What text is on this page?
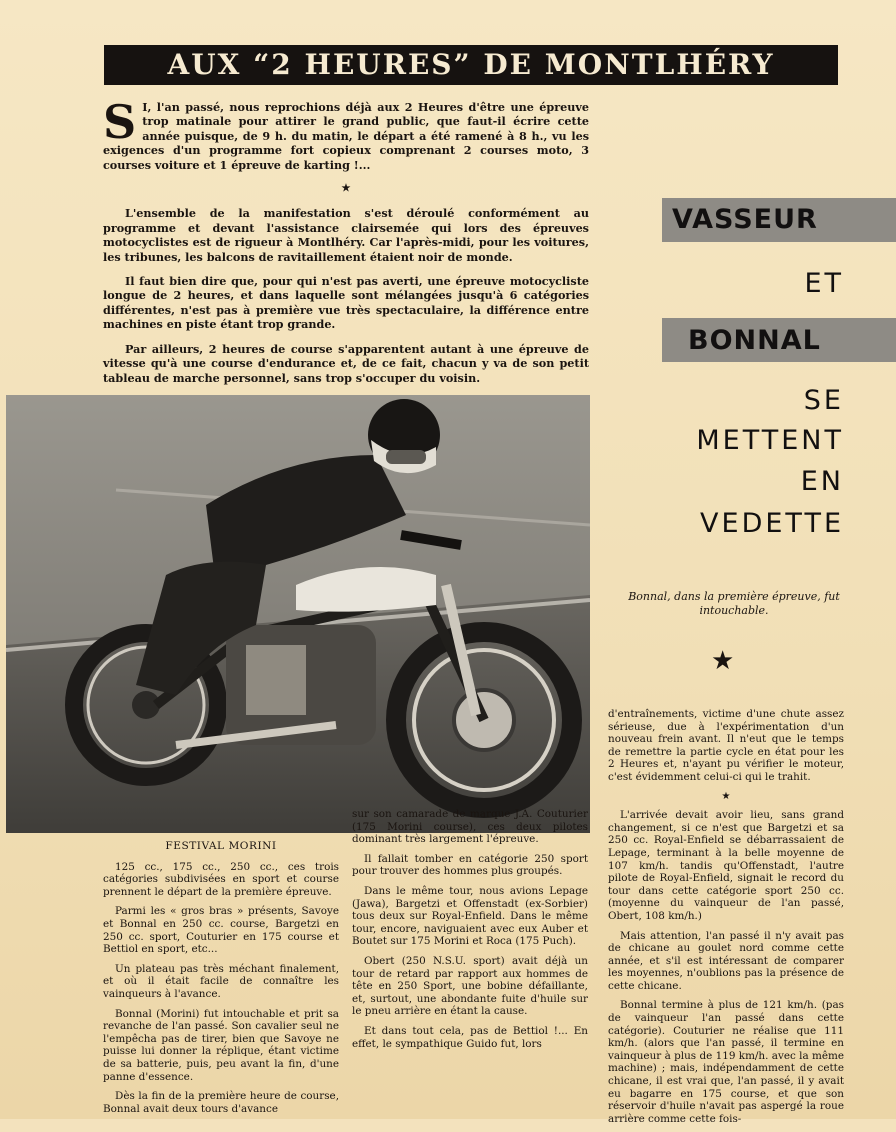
AUX “2 HEURES” DE MONTLHÉRY

S I, l'an passé, nous reprochions déjà aux 2 Heures d'être une épreuve trop matinale pour attirer le grand public, que faut-il écrire cette année puisque, de 9 h. du matin, le départ a été ramené à 8 h., vu les exigences d'un programme fort copieux comprenant 2 courses moto, 3 courses voiture et 1 épreuve de karting !...

★

L'ensemble de la manifestation s'est déroulé conformément au programme et devant l'assistance clairsemée qui lors des épreuves motocyclistes est de rigueur à Montlhéry. Car l'après-midi, pour les voitures, les tribunes, les balcons de ravitaillement étaient noir de monde.

Il faut bien dire que, pour qui n'est pas averti, une épreuve motocycliste longue de 2 heures, et dans laquelle sont mélangées jusqu'à 6 catégories différentes, n'est pas à première vue très spectaculaire, la différence entre machines en piste étant trop grande.

Par ailleurs, 2 heures de course s'apparentent autant à une épreuve de vitesse qu'à une course d'endurance et, de ce fait, chacun y va de son petit tableau de marche personnel, sans trop s'occuper du voisin.

VASSEUR
ET
BONNAL
SE
METTENT
EN
VEDETTE
Bonnal, dans la première épreuve, fut intouchable.
★
FESTIVAL MORINI

125 cc., 175 cc., 250 cc., ces trois catégories subdivisées en sport et course prennent le départ de la première épreuve.

Parmi les « gros bras » présents, Savoye et Bonnal en 250 cc. course, Bargetzi en 250 cc. sport, Couturier en 175 course et Bettiol en sport, etc...

Un plateau pas très méchant finalement, et où il était facile de connaître les vainqueurs à l'avance.

Bonnal (Morini) fut intouchable et prit sa revanche de l'an passé. Son cavalier seul ne l'empêcha pas de tirer, bien que Savoye ne puisse lui donner la réplique, étant victime de sa batterie, puis, peu avant la fin, d'une panne d'essence.

Dès la fin de la première heure de course, Bonnal avait deux tours d'avance

sur son camarade de marque J.A. Couturier (175 Morini course), ces deux pilotes dominant très largement l'épreuve.

Il fallait tomber en catégorie 250 sport pour trouver des hommes plus groupés.

Dans le même tour, nous avions Lepage (Jawa), Bargetzi et Offenstadt (ex-Sorbier) tous deux sur Royal-Enfield. Dans le même tour, encore, naviguaient avec eux Auber et Boutet sur 175 Morini et Roca (175 Puch).

Obert (250 N.S.U. sport) avait déjà un tour de retard par rapport aux hommes de tête en 250 Sport, une bobine défaillante, et, surtout, une abondante fuite d'huile sur le pneu arrière en étant la cause.

Et dans tout cela, pas de Bettiol !... En effet, le sympathique Guido fut, lors

d'entraînements, victime d'une chute assez sérieuse, due à l'expérimentation d'un nouveau frein avant. Il n'eut que le temps de remettre la partie cycle en état pour les 2 Heures et, n'ayant pu vérifier le moteur, c'est évidemment celui-ci qui le trahit.

★

L'arrivée devait avoir lieu, sans grand changement, si ce n'est que Bargetzi et sa 250 cc. Royal-Enfield se débarrassaient de Lepage, terminant à la belle moyenne de 107 km/h. tandis qu'Offenstadt, l'autre pilote de Royal-Enfield, signait le record du tour dans cette catégorie sport 250 cc. (moyenne du vainqueur de l'an passé, Obert, 108 km/h.)

Mais attention, l'an passé il n'y avait pas de chicane au goulet nord comme cette année, et s'il est intéressant de comparer les moyennes, n'oublions pas la présence de cette chicane.

Bonnal termine à plus de 121 km/h. (pas de vainqueur l'an passé dans cette catégorie). Couturier ne réalise que 111 km/h. (alors que l'an passé, il termine en vainqueur à plus de 119 km/h. avec la même machine) ; mais, indépendamment de cette chicane, il est vrai que, l'an passé, il y avait eu bagarre en 175 course, et que son réservoir d'huile n'avait pas aspergé la roue arrière comme cette fois-
